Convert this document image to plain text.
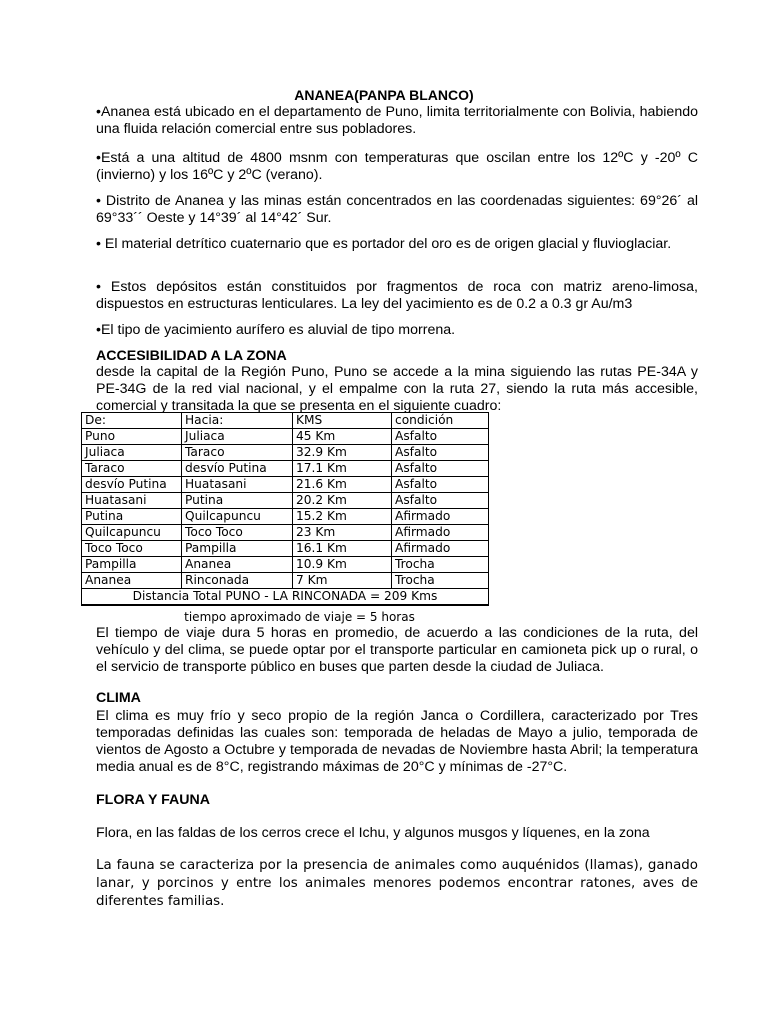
ANANEA(PANPA BLANCO)

•Ananea está ubicado en el departamento de Puno, limita territorialmente con Bolivia, habiendo una fluida relación comercial entre sus pobladores.

•Está a una altitud de 4800 msnm con temperaturas que oscilan entre los 12ºC y -20º C (invierno) y los 16ºC y 2ºC (verano).

• Distrito de Ananea y las minas están concentrados en las coordenadas siguientes: 69°26´ al 69°33´´ Oeste y 14°39´ al 14°42´ Sur.

• El material detrítico cuaternario que es portador del oro es de origen glacial y fluvioglaciar.

• Estos depósitos están constituidos por fragmentos de roca con matriz areno-limosa, dispuestos en estructuras lenticulares. La ley del yacimiento es de 0.2 a 0.3 gr Au/m3

•El tipo de yacimiento aurífero es aluvial de tipo morrena.

ACCESIBILIDAD A LA ZONA

desde la capital de la Región Puno, Puno se accede a la mina siguiendo las rutas PE-34A y PE-34G de la red vial nacional, y el empalme con la ruta 27, siendo la ruta más accesible, comercial y transitada la que se presenta en el siguiente cuadro:

De:	Hacia:	KMS	condición
Puno	Juliaca	45 Km	Asfalto
Juliaca	Taraco	32.9 Km	Asfalto
Taraco	desvío Putina	17.1 Km	Asfalto
desvío Putina	Huatasani	21.6 Km	Asfalto
Huatasani	Putina	20.2 Km	Asfalto
Putina	Quilcapuncu	15.2 Km	Afirmado
Quilcapuncu	Toco Toco	23 Km	Afirmado
Toco Toco	Pampilla	16.1 Km	Afirmado
Pampilla	Ananea	10.9 Km	Trocha
Ananea	Rinconada	7 Km	Trocha
Distancia Total PUNO - LA RINCONADA = 209 Kms			
tiempo aproximado de viaje = 5 horas

El tiempo de viaje dura 5 horas en promedio, de acuerdo a las condiciones de la ruta, del vehículo y del clima, se puede optar por el transporte particular en camioneta pick up o rural, o el servicio de transporte público en buses que parten desde la ciudad de Juliaca.

CLIMA

El clima es muy frío y seco propio de la región Janca o Cordillera, caracterizado por Tres temporadas definidas las cuales son: temporada de heladas de Mayo a julio, temporada de vientos de Agosto a Octubre y temporada de nevadas de Noviembre hasta Abril; la temperatura media anual es de 8°C, registrando máximas de 20°C y mínimas de -27°C.

FLORA Y FAUNA

Flora, en las faldas de los cerros crece el Ichu, y algunos musgos y líquenes, en la zona

La fauna se caracteriza por la presencia de animales como auquénidos (llamas), ganado lanar, y porcinos y entre los animales menores podemos encontrar ratones, aves de diferentes familias.
